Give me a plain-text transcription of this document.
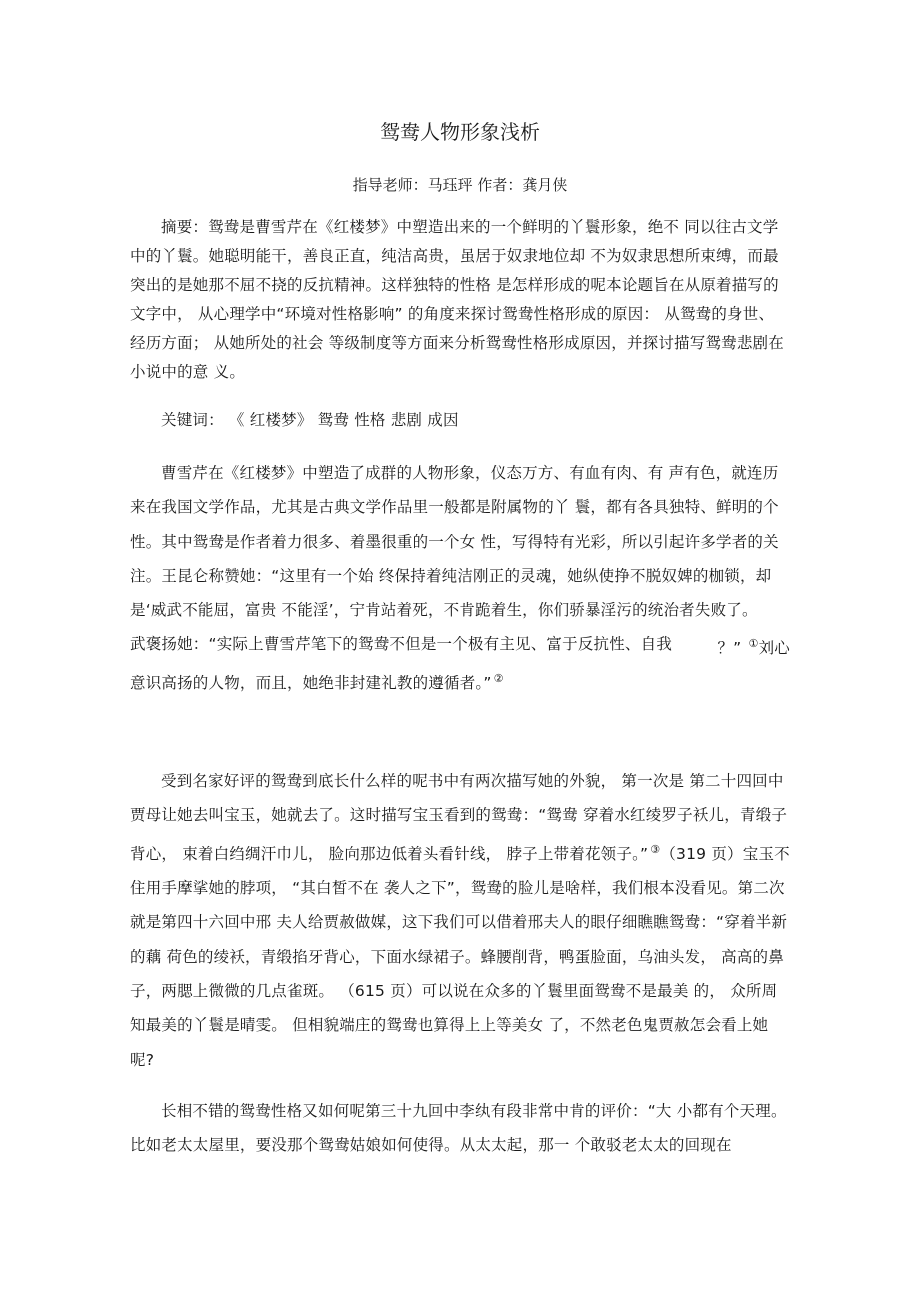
鸳鸯人物形象浅析
指导老师：马珏玶 作者：龚月侠

摘要：鸳鸯是曹雪芹在《红楼梦》中塑造出来的一个鲜明的丫鬟形象，绝不 同以往古文学中的丫鬟。她聪明能干，善良正直，纯洁高贵，虽居于奴隶地位却 不为奴隶思想所束缚，而最突出的是她那不屈不挠的反抗精神。这样独特的性格 是怎样形成的呢本论题旨在从原着描写的文字中， 从心理学中“环境对性格影响” 的角度来探讨鸳鸯性格形成的原因： 从鸳鸯的身世、 经历方面； 从她所处的社会 等级制度等方面来分析鸳鸯性格形成原因，并探讨描写鸳鸯悲剧在小说中的意 义。

关键词： 《 红楼梦》 鸳鸯 性格 悲剧 成因

曹雪芹在《红楼梦》中塑造了成群的人物形象，仪态万方、有血有肉、有 声有色，就连历来在我国文学作品，尤其是古典文学作品里一般都是附属物的丫 鬟，都有各具独特、鲜明的个性。其中鸳鸯是作者着力很多、着墨很重的一个女 性，写得特有光彩，所以引起许多学者的关注。王昆仑称赞她：“这里有一个始 终保持着纯洁刚正的灵魂，她纵使挣不脱奴婢的枷锁，却是‘威武不能屈，富贵 不能淫’，宁肯站着死，不肯跪着生，你们骄暴淫污的统治者失败了。
？” ①刘心

武褒扬她：“实际上曹雪芹笔下的鸳鸯不但是一个极有主见、富于反抗性、自我 意识高扬的人物，而且，她绝非封建礼教的遵循者。” ②

受到名家好评的鸳鸯到底长什么样的呢书中有两次描写她的外貌， 第一次是 第二十四回中贾母让她去叫宝玉，她就去了。这时描写宝玉看到的鸳鸯：“鸳鸯 穿着水红绫罗子袄儿，青缎子背心， 束着白绉绸汗巾儿， 脸向那边低着头看针线， 脖子上带着花领子。” ③（319 页）宝玉不住用手摩挲她的脖项， “其白皙不在 袭人之下”，鸳鸯的脸儿是啥样，我们根本没看见。第二次就是第四十六回中邢 夫人给贾赦做媒，这下我们可以借着邢夫人的眼仔细瞧瞧鸳鸯：“穿着半新的藕 荷色的绫袄，青缎掐牙背心，下面水绿裙子。蜂腰削背，鸭蛋脸面，乌油头发， 高高的鼻子，两腮上微微的几点雀斑。 （615 页）可以说在众多的丫鬟里面鸳鸯不是最美 的， 众所周知最美的丫鬟是晴雯。 但相貌端庄的鸳鸯也算得上上等美女 了，不然老色鬼贾赦怎会看上她呢?

长相不错的鸳鸯性格又如何呢第三十九回中李纨有段非常中肯的评价：“大 小都有个天理。比如老太太屋里，要没那个鸳鸯姑娘如何使得。从太太起，那一 个敢驳老太太的回现在
